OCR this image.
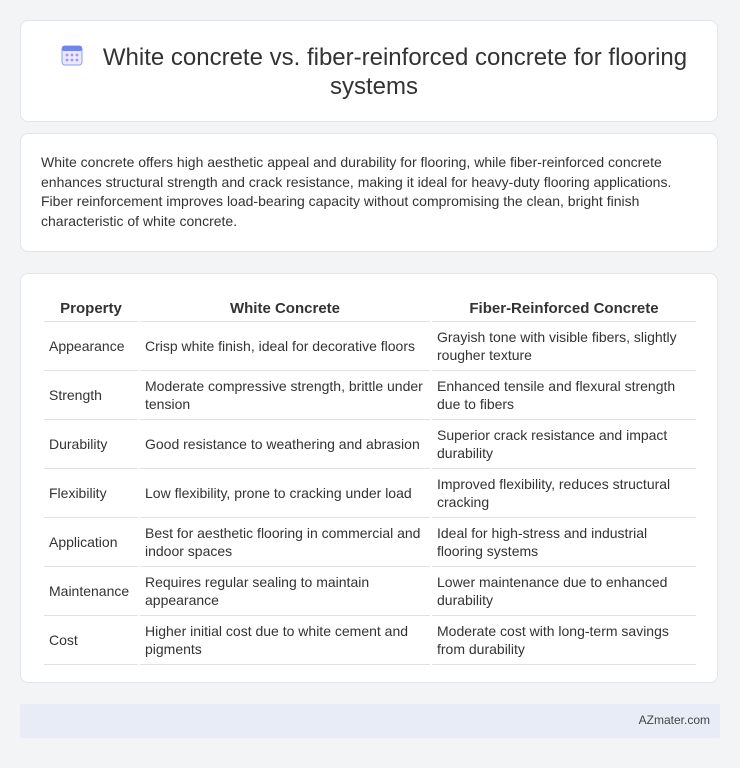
White concrete vs. fiber-reinforced concrete for flooring systems
White concrete offers high aesthetic appeal and durability for flooring, while fiber-reinforced concrete enhances structural strength and crack resistance, making it ideal for heavy-duty flooring applications. Fiber reinforcement improves load-bearing capacity without compromising the clean, bright finish characteristic of white concrete.
Property	White Concrete	Fiber-Reinforced Concrete
Appearance	Crisp white finish, ideal for decorative floors	Grayish tone with visible fibers, slightly rougher texture
Strength	Moderate compressive strength, brittle under tension	Enhanced tensile and flexural strength due to fibers
Durability	Good resistance to weathering and abrasion	Superior crack resistance and impact durability
Flexibility	Low flexibility, prone to cracking under load	Improved flexibility, reduces structural cracking
Application	Best for aesthetic flooring in commercial and indoor spaces	Ideal for high-stress and industrial flooring systems
Maintenance	Requires regular sealing to maintain appearance	Lower maintenance due to enhanced durability
Cost	Higher initial cost due to white cement and pigments	Moderate cost with long-term savings from durability
AZmater.com
